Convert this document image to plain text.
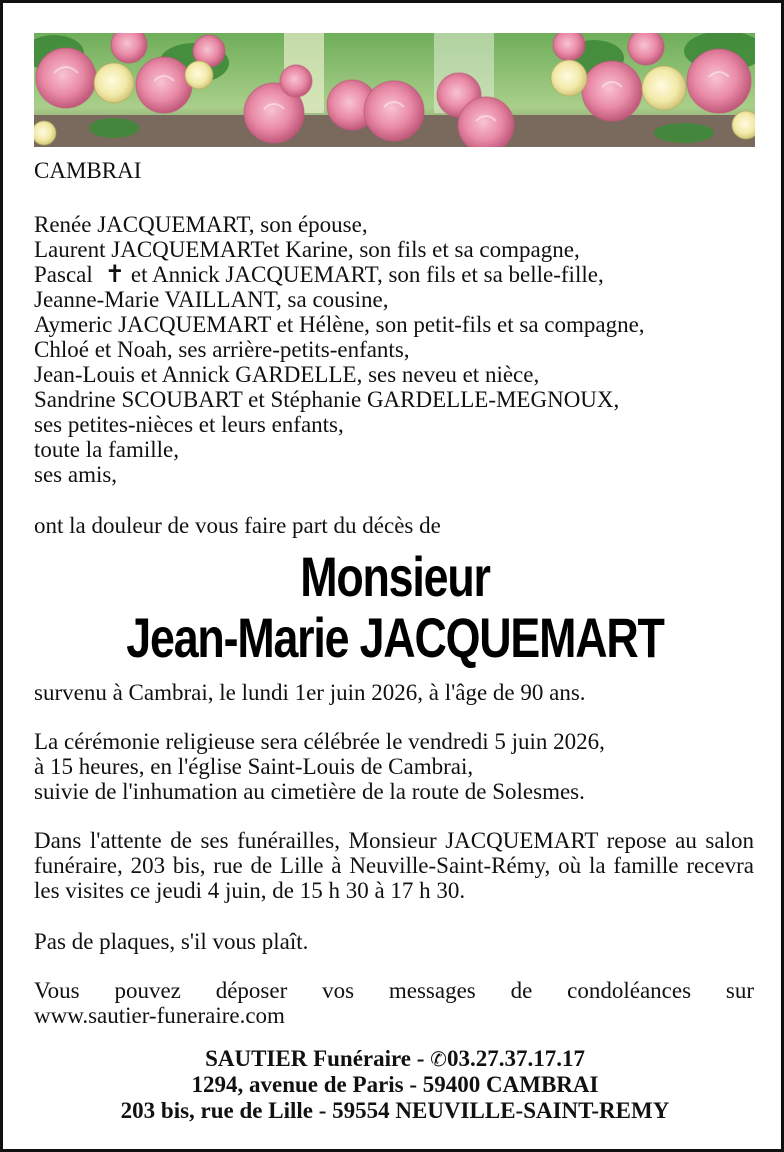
CAMBRAI
Renée JACQUEMART, son épouse,
Laurent JACQUEMARTet Karine, son fils et sa compagne,
Pascal ✝ et Annick JACQUEMART, son fils et sa belle-fille,
Jeanne-Marie VAILLANT, sa cousine,
Aymeric JACQUEMART et Hélène, son petit-fils et sa compagne,
Chloé et Noah, ses arrière-petits-enfants,
Jean-Louis et Annick GARDELLE, ses neveu et nièce,
Sandrine SCOUBART et Stéphanie GARDELLE-MEGNOUX,
ses petites-nièces et leurs enfants,
toute la famille,
ses amis,
ont la douleur de vous faire part du décès de
Monsieur
Jean-Marie JACQUEMART
survenu à Cambrai, le lundi 1er juin 2026, à l'âge de 90 ans.
La cérémonie religieuse sera célébrée le vendredi 5 juin 2026,
à 15 heures, en l'église Saint-Louis de Cambrai,
suivie de l'inhumation au cimetière de la route de Solesmes.
Dans l'attente de ses funérailles, Monsieur JACQUEMART repose au salon funéraire, 203 bis, rue de Lille à Neuville-Saint-Rémy, où la famille recevra les visites ce jeudi 4 juin, de 15 h 30 à 17 h 30.
Pas de plaques, s'il vous plaît.
Vous pouvez déposer vos messages de condoléances sur
www.sautier-funeraire.com
SAUTIER Funéraire - ✆03.27.37.17.17
1294, avenue de Paris - 59400 CAMBRAI
203 bis, rue de Lille - 59554 NEUVILLE-SAINT-REMY
